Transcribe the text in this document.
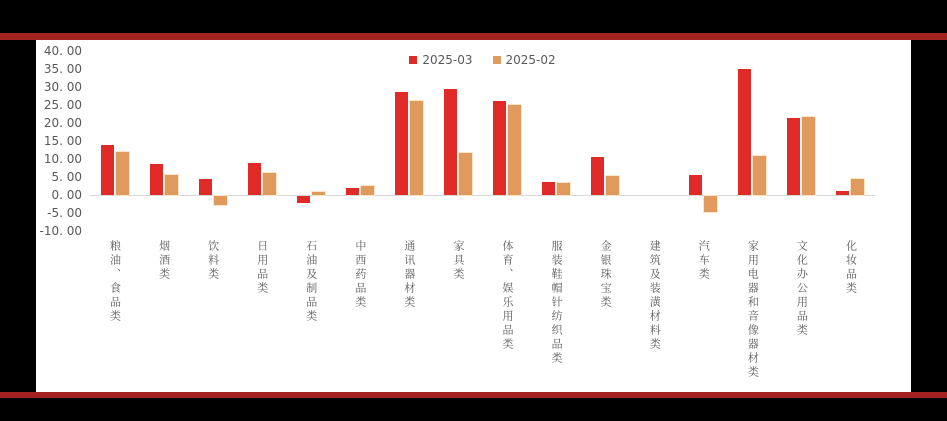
40. 00
35. 00
30. 00
25. 00
20. 00
15. 00
10. 00
5. 00
0. 00
-5. 00
-10. 00
粮油、食品类	烟酒类	饮料类	日用品类	石油及制品类	中西药品类	通讯器材类	家具类	体育、娱乐用品类	服装鞋帽针纺织品类	金银珠宝类	建筑及装潢材料类	汽车类	家用电器和音像器材类	文化办公用品类	化妆品类
2025-03	2025-02
